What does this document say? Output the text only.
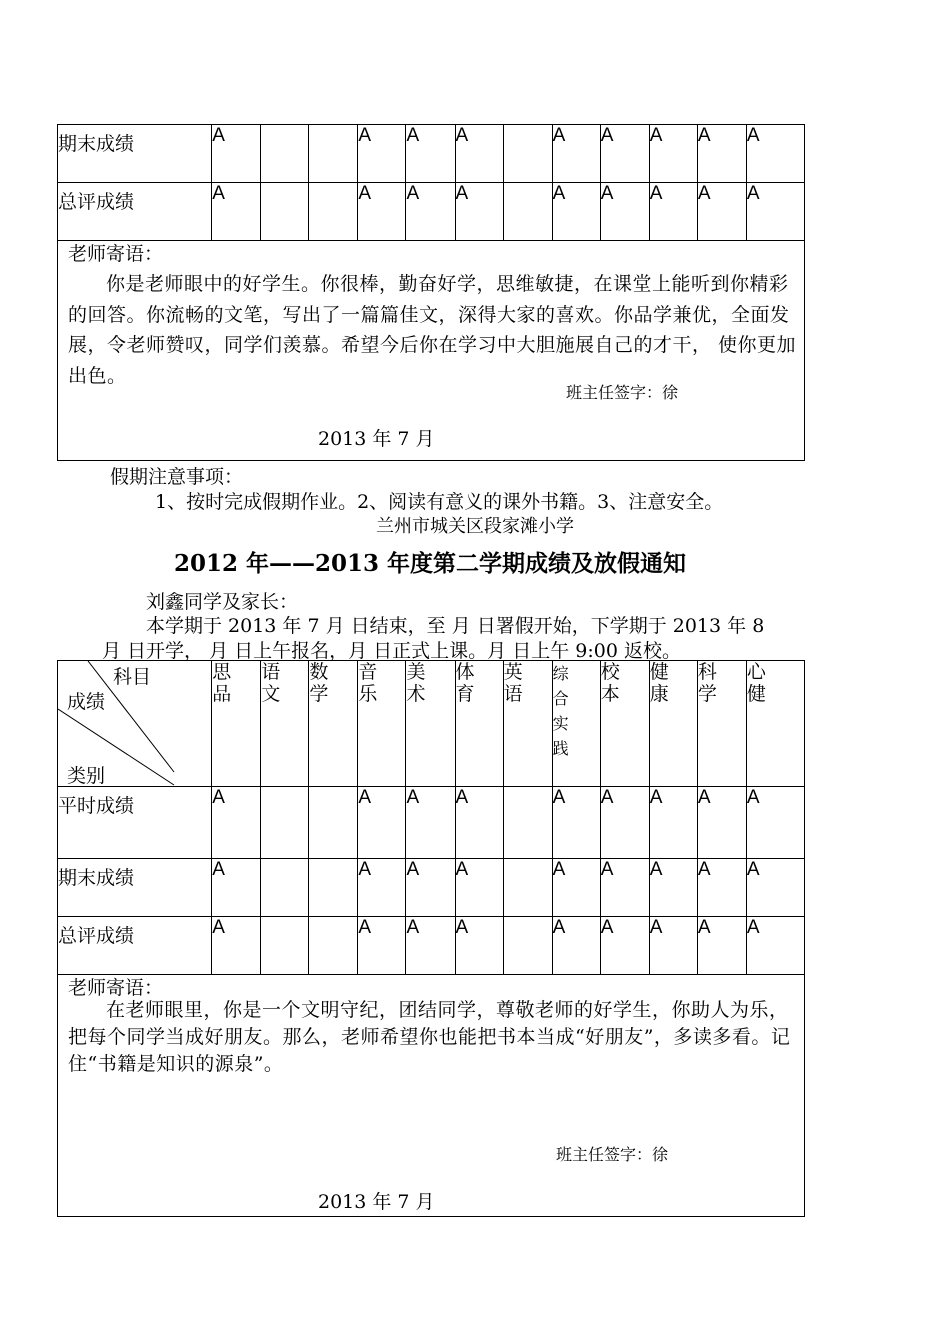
期末成绩	A			A	A	A		A	A	A	A	A
总评成绩	A			A	A	A		A	A	A	A	A

老师寄语：
你是老师眼中的好学生。你很棒，勤奋好学，思维敏捷，在课堂上能听到你精彩的回答。你流畅的文笔，写出了一篇篇佳文，深得大家的喜欢。你品学兼优，全面发展，令老师赞叹，同学们羡慕。希望今后你在学习中大胆施展自己的才干， 使你更加出色。
班主任签字：徐
2013 年 7 月												
假期注意事项：
1、按时完成假期作业。2、阅读有意义的课外书籍。3、注意安全。
兰州市城关区段家滩小学
2012 年——2013 年度第二学期成绩及放假通知
刘鑫同学及家长：
本学期于 2013 年 7 月 日结束，至 月 日署假开始，下学期于 2013 年 8
月 日开学， 月 日上午报名，月 日正式上课。月 日上午 9:00 返校。
科目
成绩
类别	思品	语文	数学	音乐	美术	体育	英语	综合实践	校本	健康	科学	心健

平时成绩	A			A	A	A		A	A	A	A	A
期末成绩	A			A	A	A		A	A	A	A	A
总评成绩	A			A	A	A		A	A	A	A	A

老师寄语：
在老师眼里，你是一个文明守纪，团结同学，尊敬老师的好学生，你助人为乐，把每个同学当成好朋友。那么，老师希望你也能把书本当成“好朋友”，多读多看。记住“书籍是知识的源泉”。
班主任签字：徐
2013 年 7 月												
